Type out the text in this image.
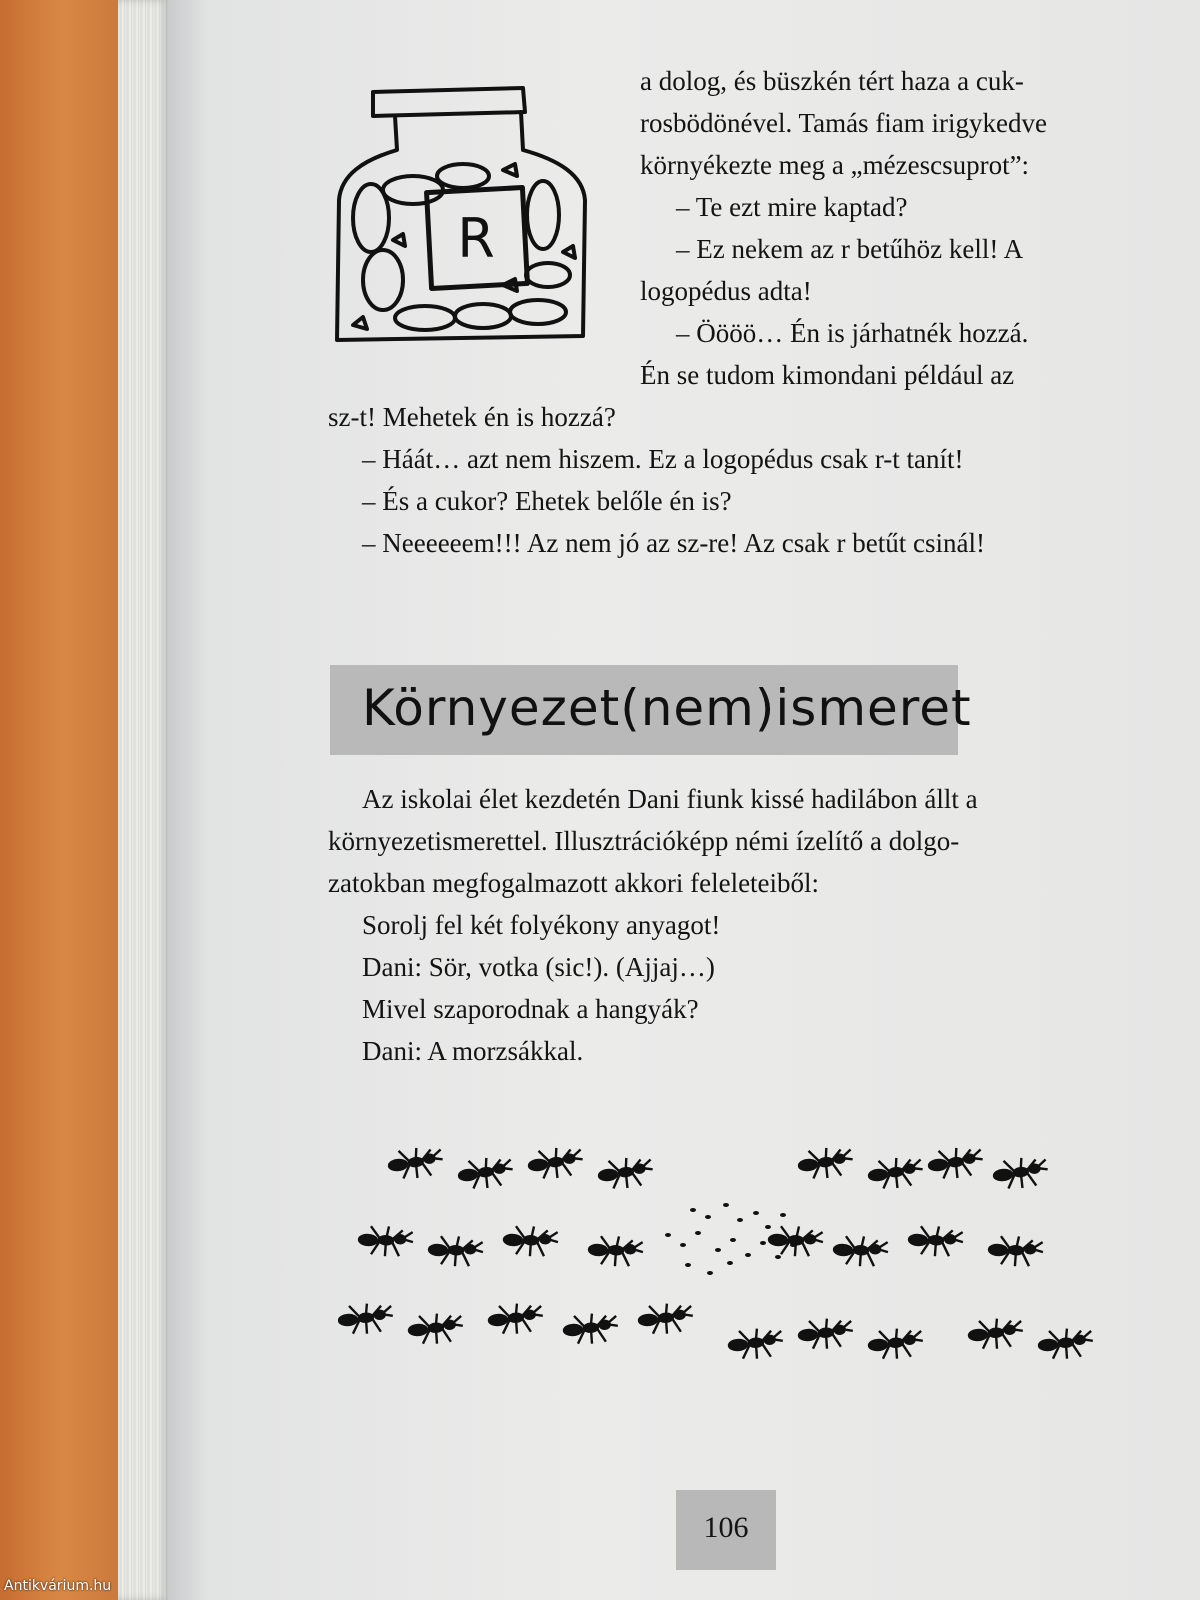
R
a dolog, és büszkén tért haza a cuk-
rosbödönével. Tamás fiam irigykedve
környékezte meg a „mézescsuprot”:
– Te ezt mire kaptad?
– Ez nekem az r betűhöz kell! A
logopédus adta!
– Öööö… Én is járhatnék hozzá.
Én se tudom kimondani például az
sz-t! Mehetek én is hozzá?
– Háát… azt nem hiszem. Ez a logopédus csak r-t tanít!
– És a cukor? Ehetek belőle én is?
– Neeeeeem!!! Az nem jó az sz-re! Az csak r betűt csinál!
Környezet(nem)ismeret
Az iskolai élet kezdetén Dani fiunk kissé hadilábon állt a
környezetismerettel. Illusztrációképp némi ízelítő a dolgo-
zatokban megfogalmazott akkori feleleteiből:
Sorolj fel két folyékony anyagot!
Dani: Sör, votka (sic!). (Ajjaj…)
Mivel szaporodnak a hangyák?
Dani: A morzsákkal.
106
Antikvárium.hu
